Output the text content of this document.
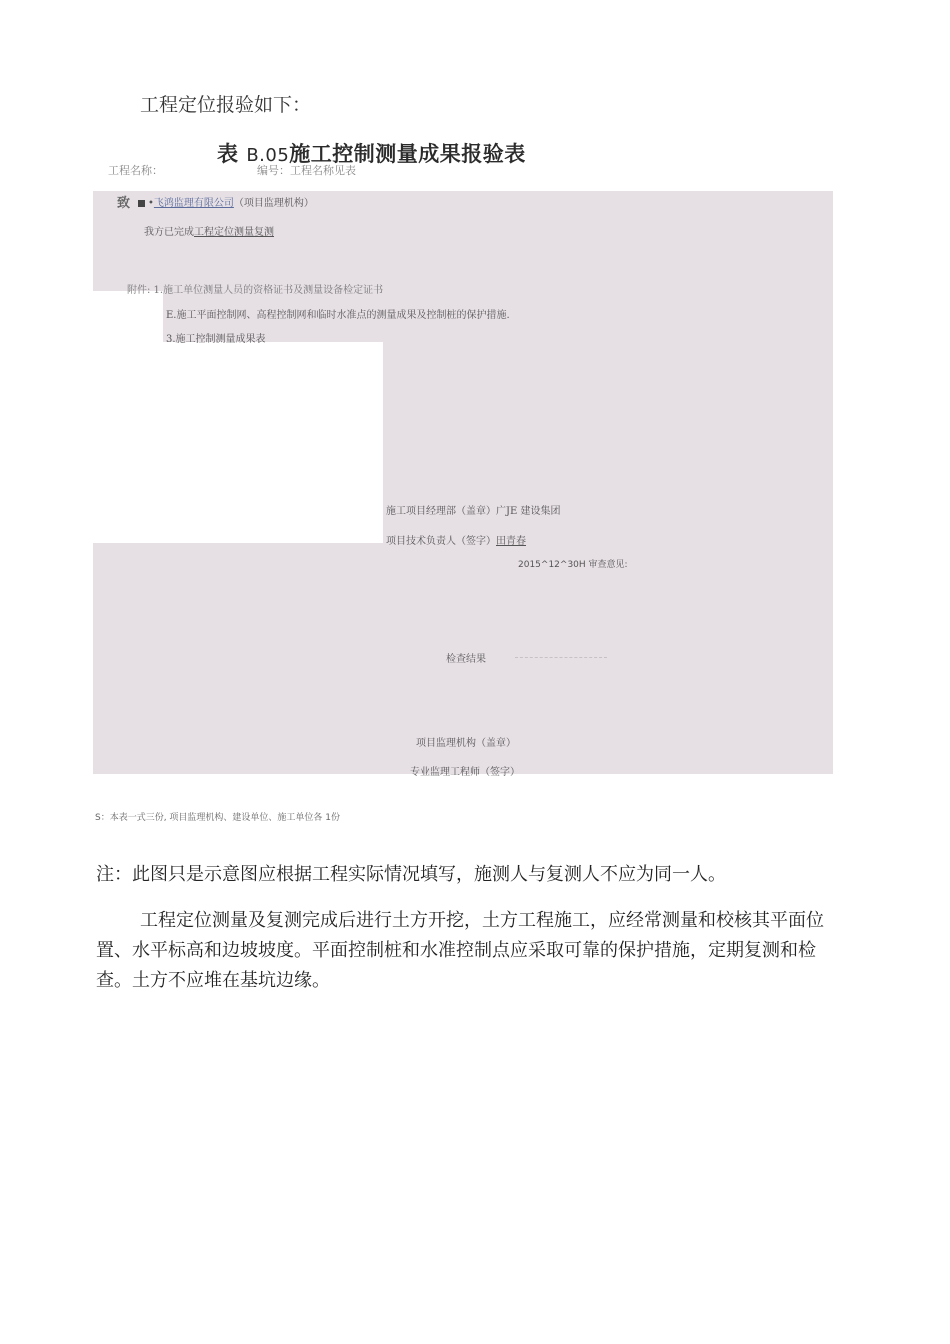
工程定位报验如下：
表 B.05施工控制测量成果报验表
工程名称：	编号：工程名称见表
致	•飞鸿监理有限公司（项目监理机构）
我方已完成工程定位测量复测
附件: 1.施工单位测量人员的资格证书及测量设备检定证书
E.施工平面控制网、高程控制网和临时水准点的测量成果及控制桩的保护措施.
3.施工控制测量成果表
施工项目经理部（盖章）广JE 建设集团
项目技术负责人（签字）田青春
2015^12^30H 审查意见:
检查结果
项目监理机构（盖章）
专业监理工程师（签字）
S：本表一式三份, 项目监理机构、建设单位、施工单位各 1份
注：此图只是示意图应根据工程实际情况填写，施测人与复测人不应为同一人。
工程定位测量及复测完成后进行土方开挖，土方工程施工，应经常测量和校核其平面位置、水平标高和边坡坡度。平面控制桩和水准控制点应采取可靠的保护措施，定期复测和检查。土方不应堆在基坑边缘。
